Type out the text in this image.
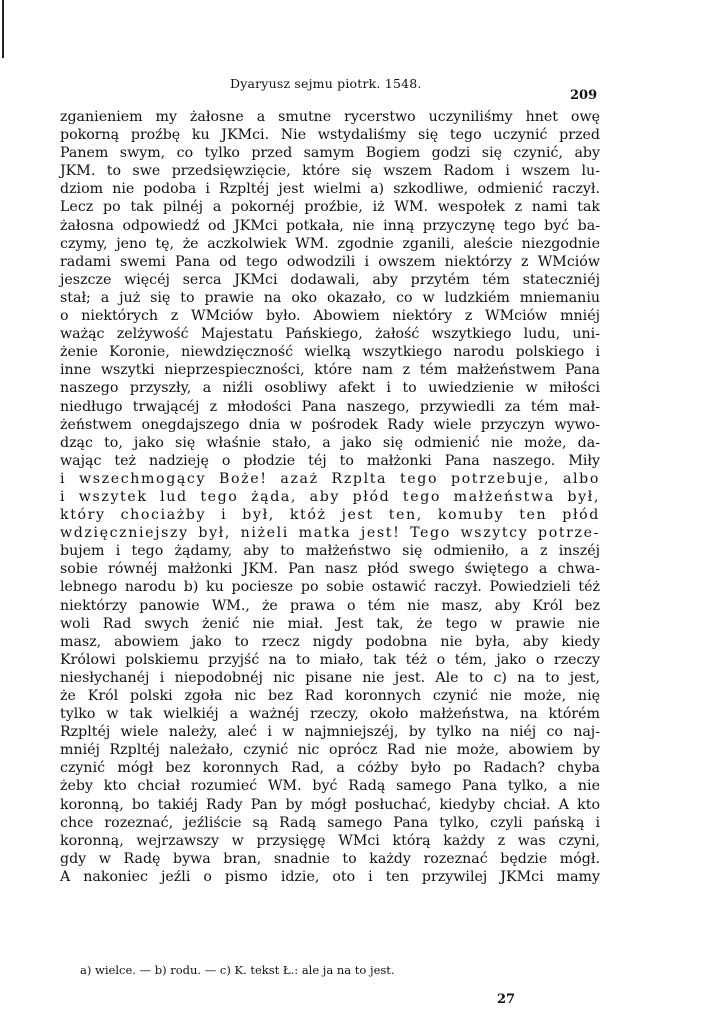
Dyaryusz sejmu piotrk. 1548.
209
zganieniem my żałosne a smutne rycerstwo uczyniliśmy hnet owę
pokorną proźbę ku JKMci. Nie wstydaliśmy się tego uczynić przed
Panem swym, co tylko przed samym Bogiem godzi się czynić, aby
JKM. to swe przedsięwzięcie, które się wszem Radom i wszem lu-
dziom nie podoba i Rzpltéj jest wielmi a) szkodliwe, odmienić raczył.
Lecz po tak pilnéj a pokornéj proźbie, iż WM. wespołek z nami tak
żałosna odpowiedź od JKMci potkała, nie inną przyczynę tego być ba-
czymy, jeno tę, że aczkolwiek WM. zgodnie zganili, aleście niezgodnie
radami swemi Pana od tego odwodzili i owszem niektórzy z WMciów
jeszcze więcéj serca JKMci dodawali, aby przytém tém stateczniéj
stał; a już się to prawie na oko okazało, co w ludzkiém mniemaniu
o niektórych z WMciów było. Abowiem niektóry z WMciów mniéj
ważąc zelżywość Majestatu Pańskiego, żałość wszytkiego ludu, uni-
żenie Koronie, niewdzięczność wielką wszytkiego narodu polskiego i
inne wszytki nieprzespieczności, które nam z tém małżeństwem Pana
naszego przyszły, a niźli osobliwy afekt i to uwiedzienie w miłości
niedługo trwającéj z młodości Pana naszego, przywiedli za tém mał-
żeństwem onegdajszego dnia w pośrodek Rady wiele przyczyn wywo-
dząc to, jako się właśnie stało, a jako się odmienić nie może, da-
wając też nadzieję o płodzie téj to małżonki Pana naszego. Miły
i wszechmogący Boże! azaż Rzplta tego potrzebuje, albo
i wszytek lud tego żąda, aby płód tego małżeństwa był,
który chociażby i był, któż jest ten, komuby ten płód
wdzięczniejszy był, niżeli matka jest! Tego wszytcy potrze-
bujem i tego żądamy, aby to małżeństwo się odmieniło, a z inszéj
sobie równéj małżonki JKM. Pan nasz płód swego świętego a chwa-
lebnego narodu b) ku pociesze po sobie ostawić raczył. Powiedzieli téż
niektórzy panowie WM., że prawa o tém nie masz, aby Król bez
woli Rad swych żenić nie miał. Jest tak, że tego w prawie nie
masz, abowiem jako to rzecz nigdy podobna nie była, aby kiedy
Królowi polskiemu przyjść na to miało, tak téż o tém, jako o rzeczy
niesłychanéj i niepodobnéj nic pisane nie jest. Ale to c) na to jest,
że Król polski zgoła nic bez Rad koronnych czynić nie może, nię
tylko w tak wielkiéj a ważnéj rzeczy, około małżeństwa, na którém
Rzpltéj wiele należy, aleć i w najmniejszéj, by tylko na niéj co naj-
mniéj Rzpltéj należało, czynić nic oprócz Rad nie może, abowiem by
czynić mógł bez koronnych Rad, a cóżby było po Radach? chyba
żeby kto chciał rozumieć WM. być Radą samego Pana tylko, a nie
koronną, bo takiéj Rady Pan by mógł posłuchać, kiedyby chciał. A kto
chce rozeznać, jeźliście są Radą samego Pana tylko, czyli pańską i
koronną, wejrzawszy w przysięgę WMci którą każdy z was czyni,
gdy w Radę bywa bran, snadnie to każdy rozeznać będzie mógł.
A nakoniec jeźli o pismo idzie, oto i ten przywilej JKMci mamy
a) wielce. — b) rodu. — c) K. tekst Ł.: ale ja na to jest.
27
